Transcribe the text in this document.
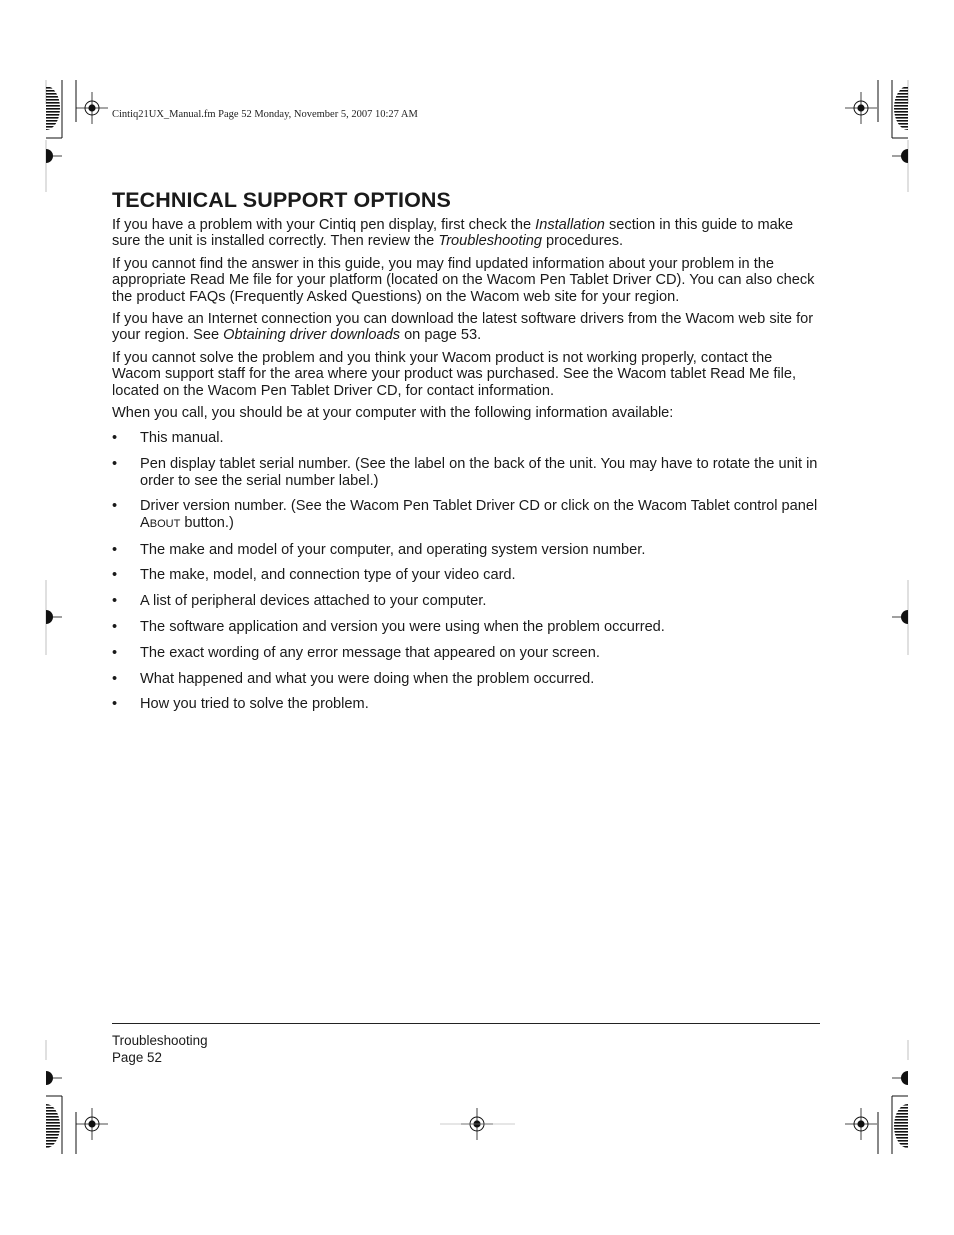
Cintiq21UX_Manual.fm Page 52 Monday, November 5, 2007 10:27 AM
TECHNICAL SUPPORT OPTIONS

If you have a problem with your Cintiq pen display, first check the Installation section in this guide to make sure the unit is installed correctly. Then review the Troubleshooting procedures.

If you cannot find the answer in this guide, you may find updated information about your problem in the appropriate Read Me file for your platform (located on the Wacom Pen Tablet Driver CD). You can also check the product FAQs (Frequently Asked Questions) on the Wacom web site for your region.

If you have an Internet connection you can download the latest software drivers from the Wacom web site for your region. See Obtaining driver downloads on page 53.

If you cannot solve the problem and you think your Wacom product is not working properly, contact the Wacom support staff for the area where your product was purchased. See the Wacom tablet Read Me file, located on the Wacom Pen Tablet Driver CD, for contact information.

When you call, you should be at your computer with the following information available:

• This manual.
• Pen display tablet serial number. (See the label on the back of the unit. You may have to rotate the unit in order to see the serial number label.)
• Driver version number. (See the Wacom Pen Tablet Driver CD or click on the Wacom Tablet control panel ABOUT button.)
• The make and model of your computer, and operating system version number.
• The make, model, and connection type of your video card.
• A list of peripheral devices attached to your computer.
• The software application and version you were using when the problem occurred.
• The exact wording of any error message that appeared on your screen.
• What happened and what you were doing when the problem occurred.
• How you tried to solve the problem.
Troubleshooting
Page 52
